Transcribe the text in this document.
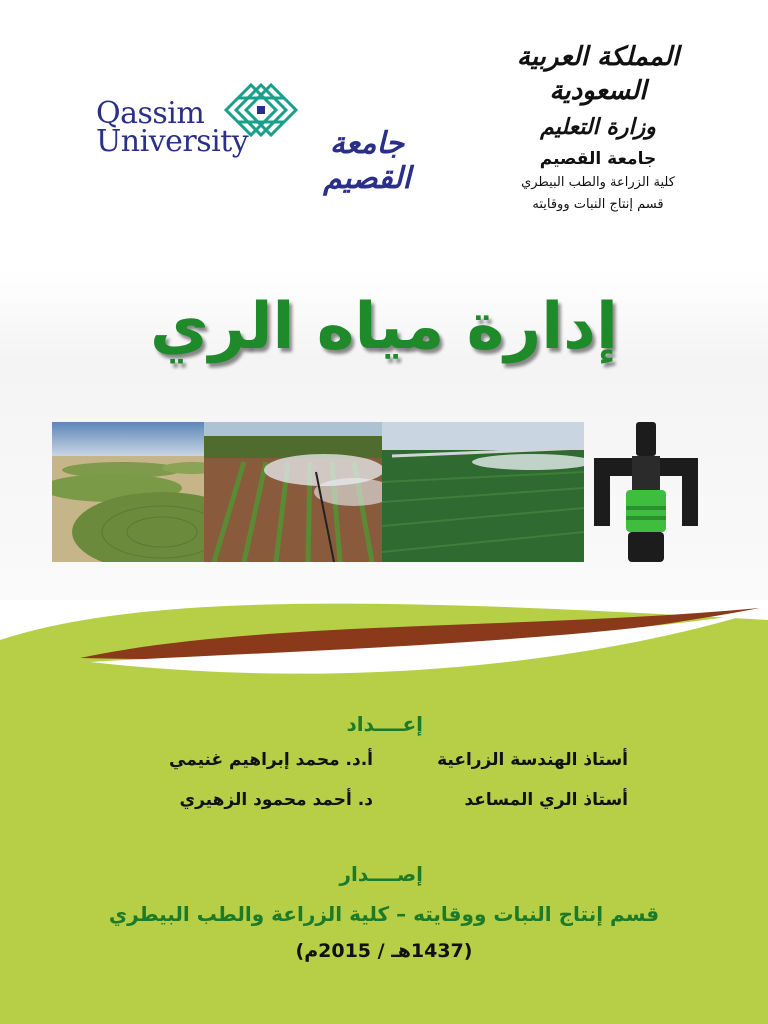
المملكة العربية السعودية
وزارة التعليم
جامعة القصيم
كلية الزراعة والطب البيطري
قسم إنتاج النبات ووقايته
Qassim
University	جامعة القصيم
إدارة مياه الري
إعــــداد
أ.د. محمد إبراهيم غنيمي	أستاذ الهندسة الزراعية
د. أحمد محمود الزهيري	أستاذ الري المساعد
إصــــدار
قسم إنتاج النبات ووقايته – كلية الزراعة والطب البيطري
(1437هـ / 2015م)
